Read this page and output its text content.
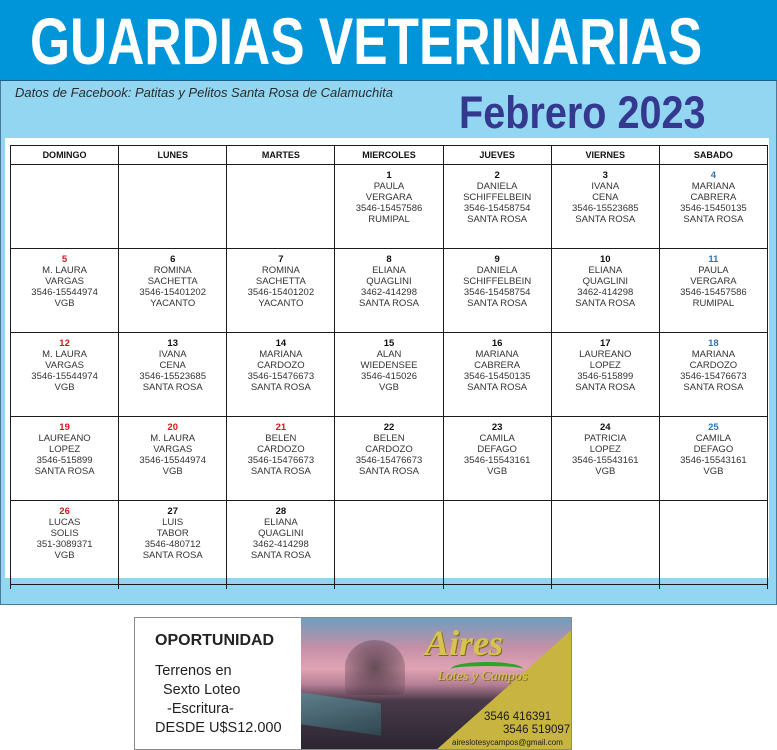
GUARDIAS VETERINARIAS
Datos de Facebook: Patitas y Pelitos Santa Rosa de Calamuchita Febrero 2023
DOMINGO	LUNES	MARTES	MIERCOLES	JUEVES	VIERNES	SABADO

			1
PAULA
VERGARA
3546-15457586
RUMIPAL	2
DANIELA
SCHIFFELBEIN
3546-15458754
SANTA ROSA	3
IVANA
CENA
3546-15523685
SANTA ROSA	4
MARIANA
CABRERA
3546-15450135
SANTA ROSA

5
M. LAURA
VARGAS
3546-15544974
VGB	6
ROMINA
SACHETTA
3546-15401202
YACANTO	7
ROMINA
SACHETTA
3546-15401202
YACANTO	8
ELIANA
QUAGLINI
3462-414298
SANTA ROSA	9
DANIELA
SCHIFFELBEIN
3546-15458754
SANTA ROSA	10
ELIANA
QUAGLINI
3462-414298
SANTA ROSA	11
PAULA
VERGARA
3546-15457586
RUMIPAL

12
M. LAURA
VARGAS
3546-15544974
VGB	13
IVANA
CENA
3546-15523685
SANTA ROSA	14
MARIANA
CARDOZO
3546-15476673
SANTA ROSA	15
ALAN
WIEDENSEE
3546-415026
VGB	16
MARIANA
CABRERA
3546-15450135
SANTA ROSA	17
LAUREANO
LOPEZ
3546-515899
SANTA ROSA	18
MARIANA
CARDOZO
3546-15476673
SANTA ROSA

19
LAUREANO
LOPEZ
3546-515899
SANTA ROSA	20
M. LAURA
VARGAS
3546-15544974
VGB	21
BELEN
CARDOZO
3546-15476673
SANTA ROSA	22
BELEN
CARDOZO
3546-15476673
SANTA ROSA	23
CAMILA
DEFAGO
3546-15543161
VGB	24
PATRICIA
LOPEZ
3546-15543161
VGB	25
CAMILA
DEFAGO
3546-15543161
VGB

26
LUCAS
SOLIS
351-3089371
VGB	27
LUIS
TABOR
3546-480712
SANTA ROSA	28
ELIANA
QUAGLINI
3462-414298
SANTA ROSA				

OPORTUNIDAD
Terrenos en
Sexto Loteo
-Escritura-
DESDE U$S12.000
Aires
Lotes y Campos
3546 416391
3546 519097
aireslotesycampos@gmail.com
